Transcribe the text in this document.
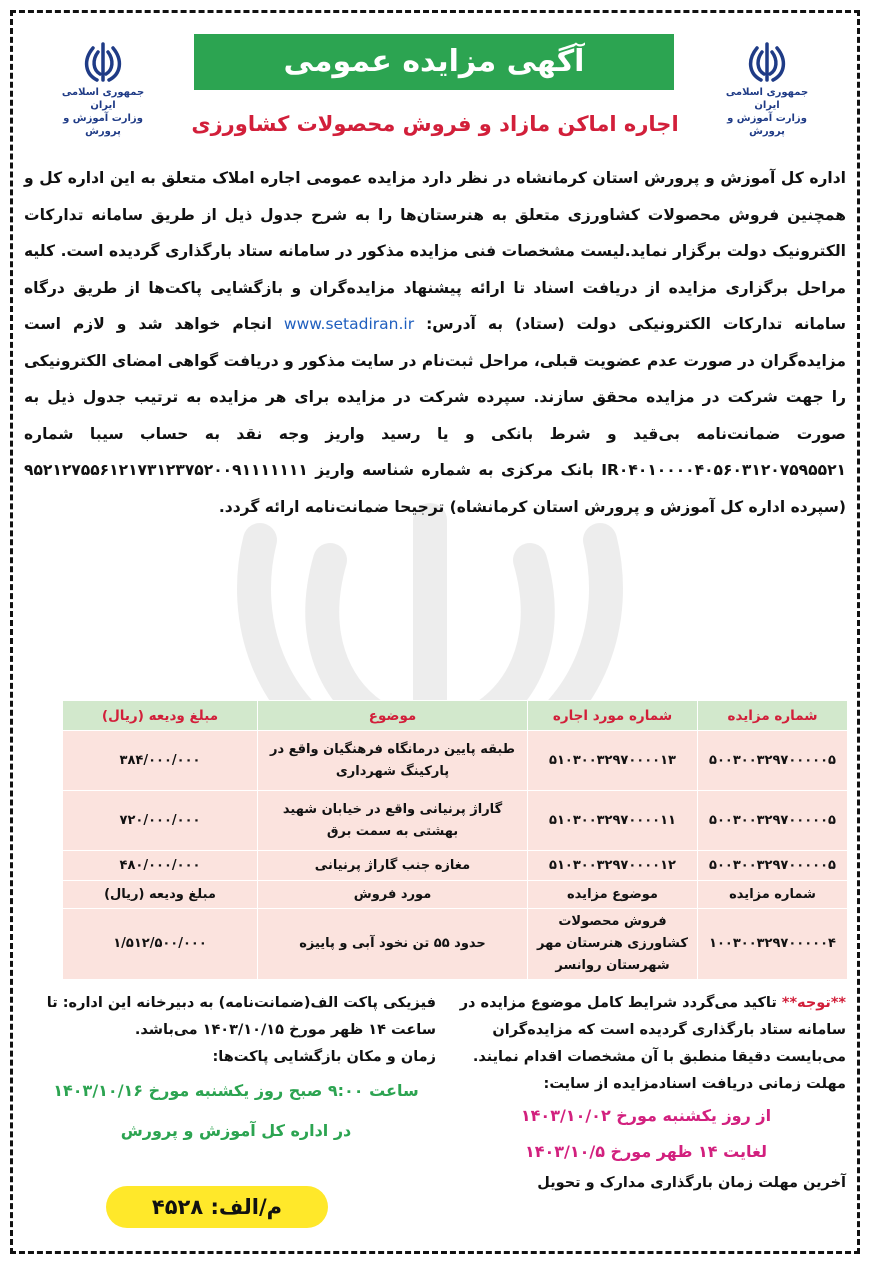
جمهوری اسلامی ایران
وزارت آموزش و پرورش
جمهوری اسلامی ایران
وزارت آموزش و پرورش
آگهی مزایده عمومی
اجاره اماکن مازاد و فروش محصولات کشاورزی
اداره کل آموزش و پرورش استان کرمانشاه در نظر دارد مزایده عمومی اجاره املاک متعلق به این اداره کل و همچنین فروش محصولات کشاورزی متعلق به هنرستان‌ها را به شرح جدول ذیل از طریق سامانه تدارکات الکترونیک دولت برگزار نماید.لیست مشخصات فنی مزایده مذکور در سامانه ستاد بارگذاری گردیده است. کلیه مراحل برگزاری مزایده از دریافت اسناد تا ارائه پیشنهاد مزایده‌گران و بازگشایی پاکت‌ها از طریق درگاه سامانه تدارکات الکترونیکی دولت (ستاد) به آدرس: www.setadiran.ir انجام خواهد شد و لازم است مزایده‌گران در صورت عدم عضویت قبلی، مراحل ثبت‌نام در سایت مذکور و دریافت گواهی امضای الکترونیکی را جهت شرکت در مزایده محقق سازند. سپرده شرکت در مزایده برای هر مزایده به ترتیب جدول ذیل به صورت ضمانت‌نامه بی‌قید و شرط بانکی و یا رسید واریز وجه نقد به حساب سیبا شماره IR۰۴۰۱۰۰۰۰۴۰۵۶۰۳۱۲۰۷۵۹۵۵۲۱ بانک مرکزی به شماره شناسه واریز ۹۵۲۱۲۷۵۵۶۱۲۱۷۳۱۲۳۷۵۲۰۰۹۱۱۱۱۱۱۱ (سپرده اداره کل آموزش و پرورش استان کرمانشاه) ترجیحا ضمانت‌نامه ارائه گردد.
شماره مزایده	شماره مورد اجاره	موضوع	مبلغ ودیعه (ریال)
۵۰۰۳۰۰۳۲۹۷۰۰۰۰۰۵	۵۱۰۳۰۰۳۲۹۷۰۰۰۰۱۳	طبقه پایین درمانگاه فرهنگیان واقع در پارکینگ شهرداری	۳۸۴/۰۰۰/۰۰۰
۵۰۰۳۰۰۳۲۹۷۰۰۰۰۰۵	۵۱۰۳۰۰۳۲۹۷۰۰۰۰۱۱	گاراژ پرنیانی واقع در خیابان شهید بهشتی به سمت برق	۷۲۰/۰۰۰/۰۰۰
۵۰۰۳۰۰۳۲۹۷۰۰۰۰۰۵	۵۱۰۳۰۰۳۲۹۷۰۰۰۰۱۲	مغازه جنب گاراژ پرنیانی	۴۸۰/۰۰۰/۰۰۰
شماره مزایده	موضوع مزایده	مورد فروش	مبلغ ودیعه (ریال)
۱۰۰۳۰۰۳۲۹۷۰۰۰۰۰۴	فروش محصولات کشاورزی هنرستان مهر شهرستان روانسر	حدود ۵۵ تن نخود آبی و پاییزه	۱/۵۱۲/۵۰۰/۰۰۰
**توجه** تاکید می‌گردد شرایط کامل موضوع مزایده در سامانه ستاد بارگذاری گردیده است که مزایده‌گران می‌بایست دقیقا منطبق با آن مشخصات اقدام نمایند.
مهلت زمانی دریافت اسنادمزایده از سایت:
از روز یکشنبه مورخ ۱۴۰۳/۱۰/۰۲
لغایت ۱۴ ظهر مورخ ۱۴۰۳/۱۰/۵
آخرین مهلت زمان بارگذاری مدارک و تحویل
فیزیکی پاکت الف(ضمانت‌نامه) به دبیرخانه این اداره: تا ساعت ۱۴ ظهر مورخ ۱۴۰۳/۱۰/۱۵ می‌باشد.
زمان و مکان بازگشایی پاکت‌ها:
ساعت ۹:۰۰ صبح روز یکشنبه مورخ ۱۴۰۳/۱۰/۱۶
در اداره کل آموزش و پرورش
م/الف: ۴۵۲۸
